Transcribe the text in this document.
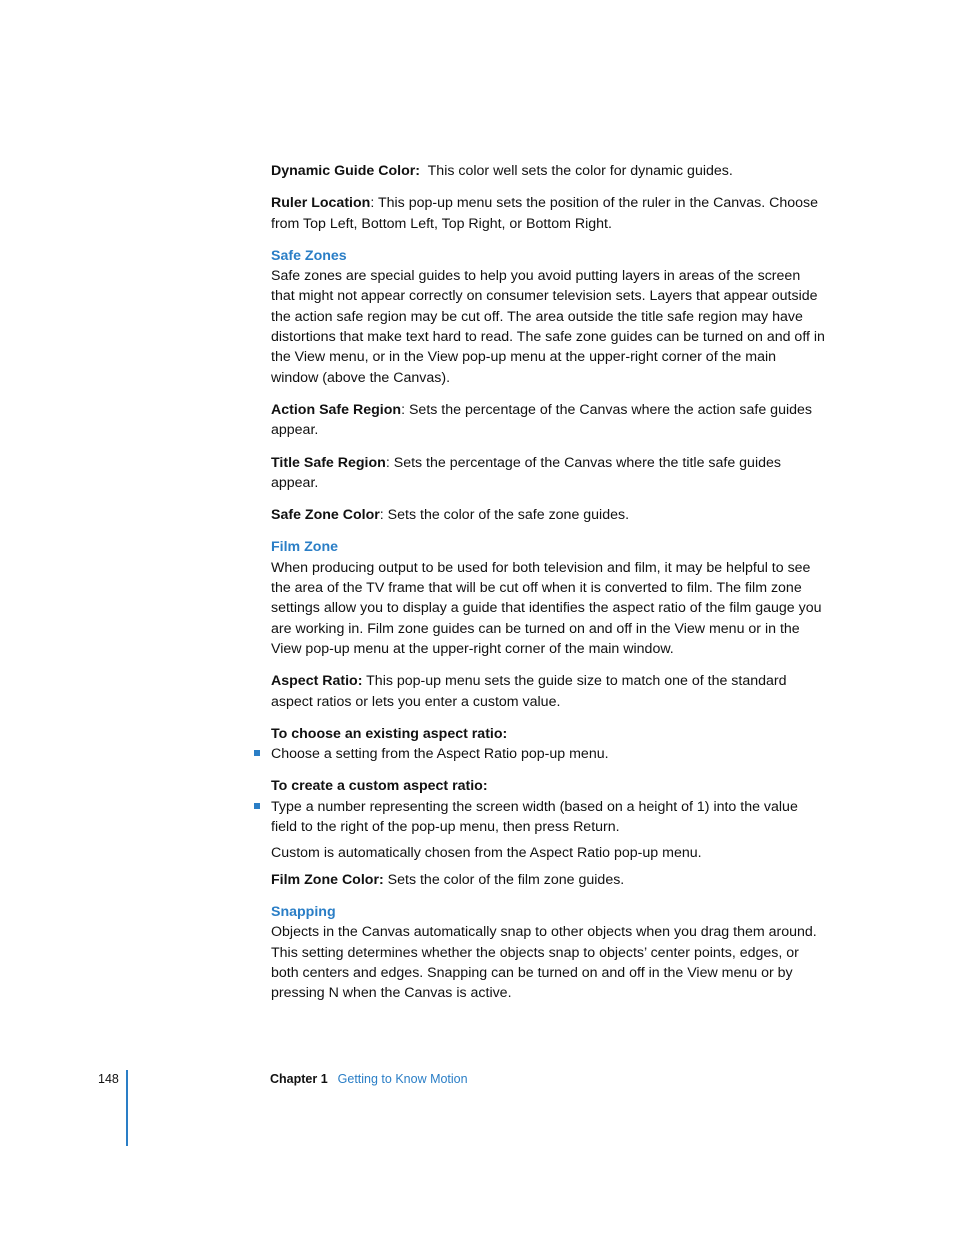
Dynamic Guide Color: This color well sets the color for dynamic guides.

Ruler Location: This pop-up menu sets the position of the ruler in the Canvas. Choose from Top Left, Bottom Left, Top Right, or Bottom Right.

Safe Zones

Safe zones are special guides to help you avoid putting layers in areas of the screen that might not appear correctly on consumer television sets. Layers that appear outside the action safe region may be cut off. The area outside the title safe region may have distortions that make text hard to read. The safe zone guides can be turned on and off in the View menu, or in the View pop-up menu at the upper-right corner of the main window (above the Canvas).

Action Safe Region: Sets the percentage of the Canvas where the action safe guides appear.

Title Safe Region: Sets the percentage of the Canvas where the title safe guides appear.

Safe Zone Color: Sets the color of the safe zone guides.

Film Zone

When producing output to be used for both television and film, it may be helpful to see the area of the TV frame that will be cut off when it is converted to film. The film zone settings allow you to display a guide that identifies the aspect ratio of the film gauge you are working in. Film zone guides can be turned on and off in the View menu or in the View pop-up menu at the upper-right corner of the main window.

Aspect Ratio: This pop-up menu sets the guide size to match one of the standard aspect ratios or lets you enter a custom value.

To choose an existing aspect ratio:

Choose a setting from the Aspect Ratio pop-up menu.

To create a custom aspect ratio:

Type a number representing the screen width (based on a height of 1) into the value field to the right of the pop-up menu, then press Return.

Custom is automatically chosen from the Aspect Ratio pop-up menu.

Film Zone Color: Sets the color of the film zone guides.

Snapping

Objects in the Canvas automatically snap to other objects when you drag them around. This setting determines whether the objects snap to objects’ center points, edges, or both centers and edges. Snapping can be turned on and off in the View menu or by pressing N when the Canvas is active.

148	Chapter 1 Getting to Know Motion
